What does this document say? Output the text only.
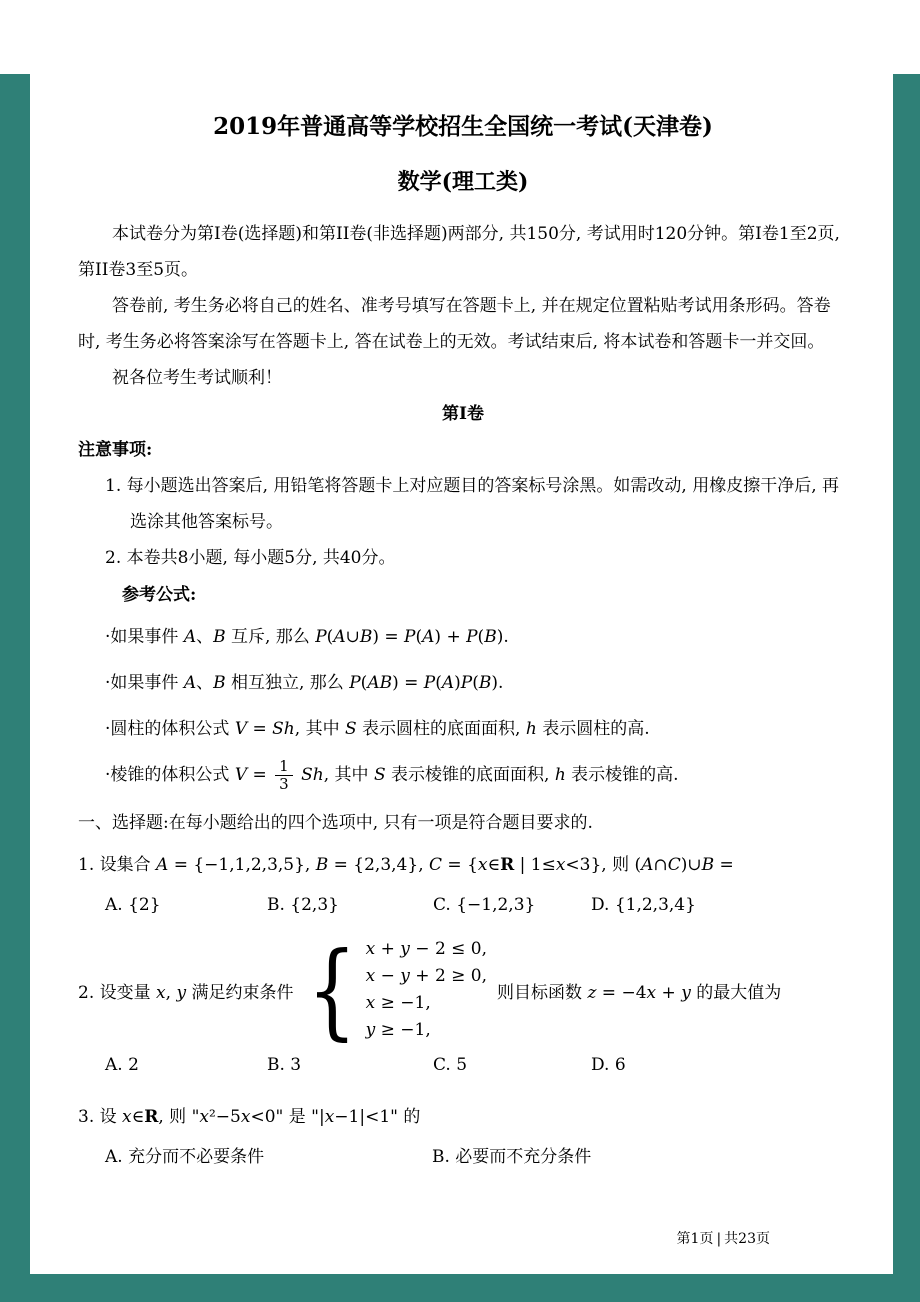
2019年普通高等学校招生全国统一考试(天津卷)
数学(理工类)

本试卷分为第I卷(选择题)和第II卷(非选择题)两部分, 共150分, 考试用时120分钟。第I卷1至2页, 第II卷3至5页。

答卷前, 考生务必将自己的姓名、准考号填写在答题卡上, 并在规定位置粘贴考试用条形码。答卷时, 考生务必将答案涂写在答题卡上, 答在试卷上的无效。考试结束后, 将本试卷和答题卡一并交回。

祝各位考生考试顺利！

第I卷

注意事项:

1. 每小题选出答案后, 用铅笔将答题卡上对应题目的答案标号涂黑。如需改动, 用橡皮擦干净后, 再选涂其他答案标号。

2. 本卷共8小题, 每小题5分, 共40分。

参考公式:

·如果事件 A、B 互斥, 那么 P(A∪B) = P(A) + P(B).

·如果事件 A、B 相互独立, 那么 P(AB) = P(A)P(B).

·圆柱的体积公式 V = Sh, 其中 S 表示圆柱的底面面积, h 表示圆柱的高.

·棱锥的体积公式 $V = \frac{1}{3} Sh$, 其中 S 表示棱锥的底面面积, h 表示棱锥的高.

一、选择题:在每小题给出的四个选项中, 只有一项是符合题目要求的.

1. 设集合 A = {−1,1,2,3,5}, B = {2,3,4}, C = {x∈R | 1≤x<3}, 则 (A∩C)∪B =

A. {2}	B. {2,3}	C. {−1,2,3}	D. {1,2,3,4}
2. 设变量 x, y 满足约束条件 { x + y − 2 ≤ 0,
x − y + 2 ≥ 0,
x ≥ −1,
y ≥ −1,
则目标函数 z = −4x + y 的最大值为
A. 2	B. 3	C. 5	D. 6

3. 设 x∈R, 则 "x²−5x<0" 是 "|x−1|<1" 的

A. 充分而不必要条件	B. 必要而不充分条件
第1页 | 共23页
